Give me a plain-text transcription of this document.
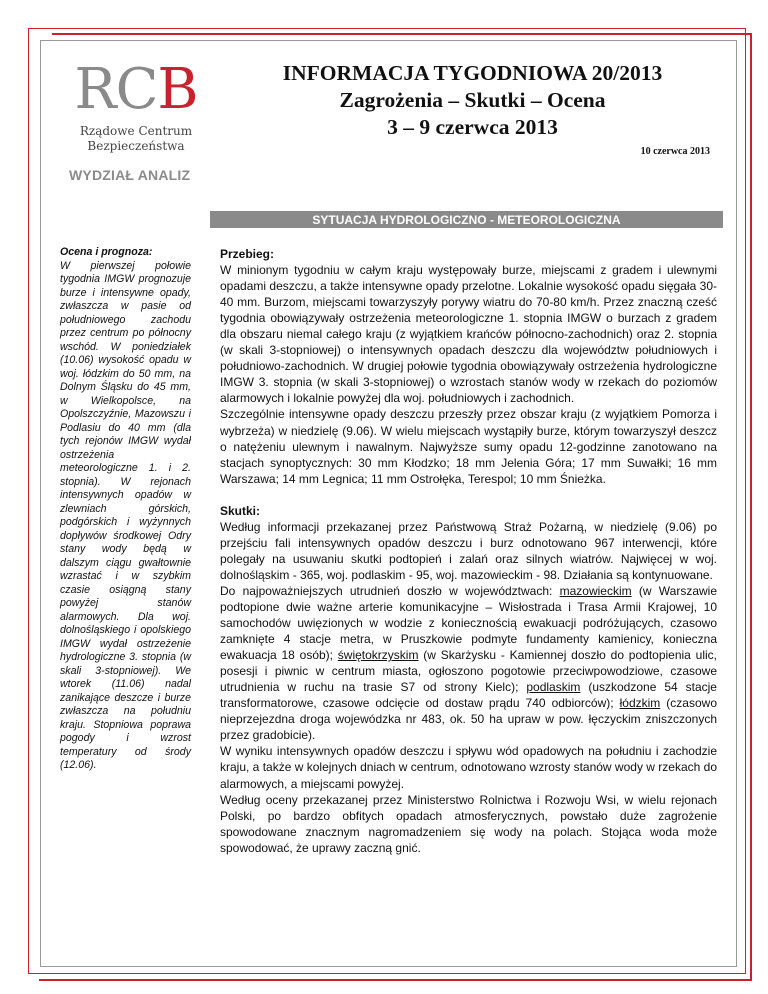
RCB
Rządowe Centrum
Bezpieczeństwa
INFORMACJA TYGODNIOWA 20/2013
Zagrożenia – Skutki – Ocena
3 – 9 czerwca 2013
10 czerwca 2013
WYDZIAŁ ANALIZ
SYTUACJA HYDROLOGICZNO - METEOROLOGICZNA
Ocena i prognoza:
W pierwszej połowie tygodnia IMGW prognozuje burze i intensywne opady, zwłaszcza w pasie od południowego zachodu przez centrum po północny wschód. W poniedziałek (10.06) wysokość opadu w woj. łódzkim do 50 mm, na Dolnym Śląsku do 45 mm, w Wielkopolsce, na Opolszczyźnie, Mazowszu i Podlasiu do 40 mm (dla tych rejonów IMGW wydał ostrzeżenia meteorologiczne 1. i 2. stopnia). W rejonach intensywnych opadów w zlewniach górskich, podgórskich i wyżynnych dopływów środkowej Odry stany wody będą w dalszym ciągu gwałtownie wzrastać i w szybkim czasie osiągną stany powyżej stanów alarmowych. Dla woj. dolnośląskiego i opolskiego IMGW wydał ostrzeżenie hydrologiczne 3. stopnia (w skali 3-stopniowej). We wtorek (11.06) nadal zanikające deszcze i burze zwłaszcza na południu kraju. Stopniowa poprawa pogody i wzrost temperatury od środy (12.06).

Przebieg:

W minionym tygodniu w całym kraju występowały burze, miejscami z gradem i ulewnymi opadami deszczu, a także intensywne opady przelotne. Lokalnie wysokość opadu sięgała 30-40 mm. Burzom, miejscami towarzyszyły porywy wiatru do 70-80 km/h. Przez znaczną cześć tygodnia obowiązywały ostrzeżenia meteorologiczne 1. stopnia IMGW o burzach z gradem dla obszaru niemal całego kraju (z wyjątkiem krańców północno-zachodnich) oraz 2. stopnia (w skali 3-stopniowej) o intensywnych opadach deszczu dla województw południowych i południowo-zachodnich. W drugiej połowie tygodnia obowiązywały ostrzeżenia hydrologiczne IMGW 3. stopnia (w skali 3-stopniowej) o wzrostach stanów wody w rzekach do poziomów alarmowych i lokalnie powyżej dla woj. południowych i zachodnich.

Szczególnie intensywne opady deszczu przeszły przez obszar kraju (z wyjątkiem Pomorza i wybrzeża) w niedzielę (9.06). W wielu miejscach wystąpiły burze, którym towarzyszył deszcz o natężeniu ulewnym i nawalnym. Najwyższe sumy opadu 12-godzinne zanotowano na stacjach synoptycznych: 30 mm Kłodzko; 18 mm Jelenia Góra; 17 mm Suwałki; 16 mm Warszawa; 14 mm Legnica; 11 mm Ostrołęka, Terespol; 10 mm Śnieżka.

Skutki:

Według informacji przekazanej przez Państwową Straż Pożarną, w niedzielę (9.06) po przejściu fali intensywnych opadów deszczu i burz odnotowano 967 interwencji, które polegały na usuwaniu skutki podtopień i zalań oraz silnych wiatrów. Najwięcej w woj. dolnośląskim - 365, woj. podlaskim - 95, woj. mazowieckim - 98. Działania są kontynuowane.

Do najpoważniejszych utrudnień doszło w województwach: mazowieckim (w Warszawie podtopione dwie ważne arterie komunikacyjne – Wisłostrada i Trasa Armii Krajowej, 10 samochodów uwięzionych w wodzie z koniecznością ewakuacji podróżujących, czasowo zamknięte 4 stacje metra, w Pruszkowie podmyte fundamenty kamienicy, konieczna ewakuacja 18 osób); świętokrzyskim (w Skarżysku - Kamiennej doszło do podtopienia ulic, posesji i piwnic w centrum miasta, ogłoszono pogotowie przeciwpowodziowe, czasowe utrudnienia w ruchu na trasie S7 od strony Kielc); podlaskim (uszkodzone 54 stacje transformatorowe, czasowe odcięcie od dostaw prądu 740 odbiorców); łódzkim (czasowo nieprzejezdna droga wojewódzka nr 483, ok. 50 ha upraw w pow. łęczyckim zniszczonych przez gradobicie).

W wyniku intensywnych opadów deszczu i spływu wód opadowych na południu i zachodzie kraju, a także w kolejnych dniach w centrum, odnotowano wzrosty stanów wody w rzekach do alarmowych, a miejscami powyżej.

Według oceny przekazanej przez Ministerstwo Rolnictwa i Rozwoju Wsi, w wielu rejonach Polski, po bardzo obfitych opadach atmosferycznych, powstało duże zagrożenie spowodowane znacznym nagromadzeniem się wody na polach. Stojąca woda może spowodować, że uprawy zaczną gnić.
